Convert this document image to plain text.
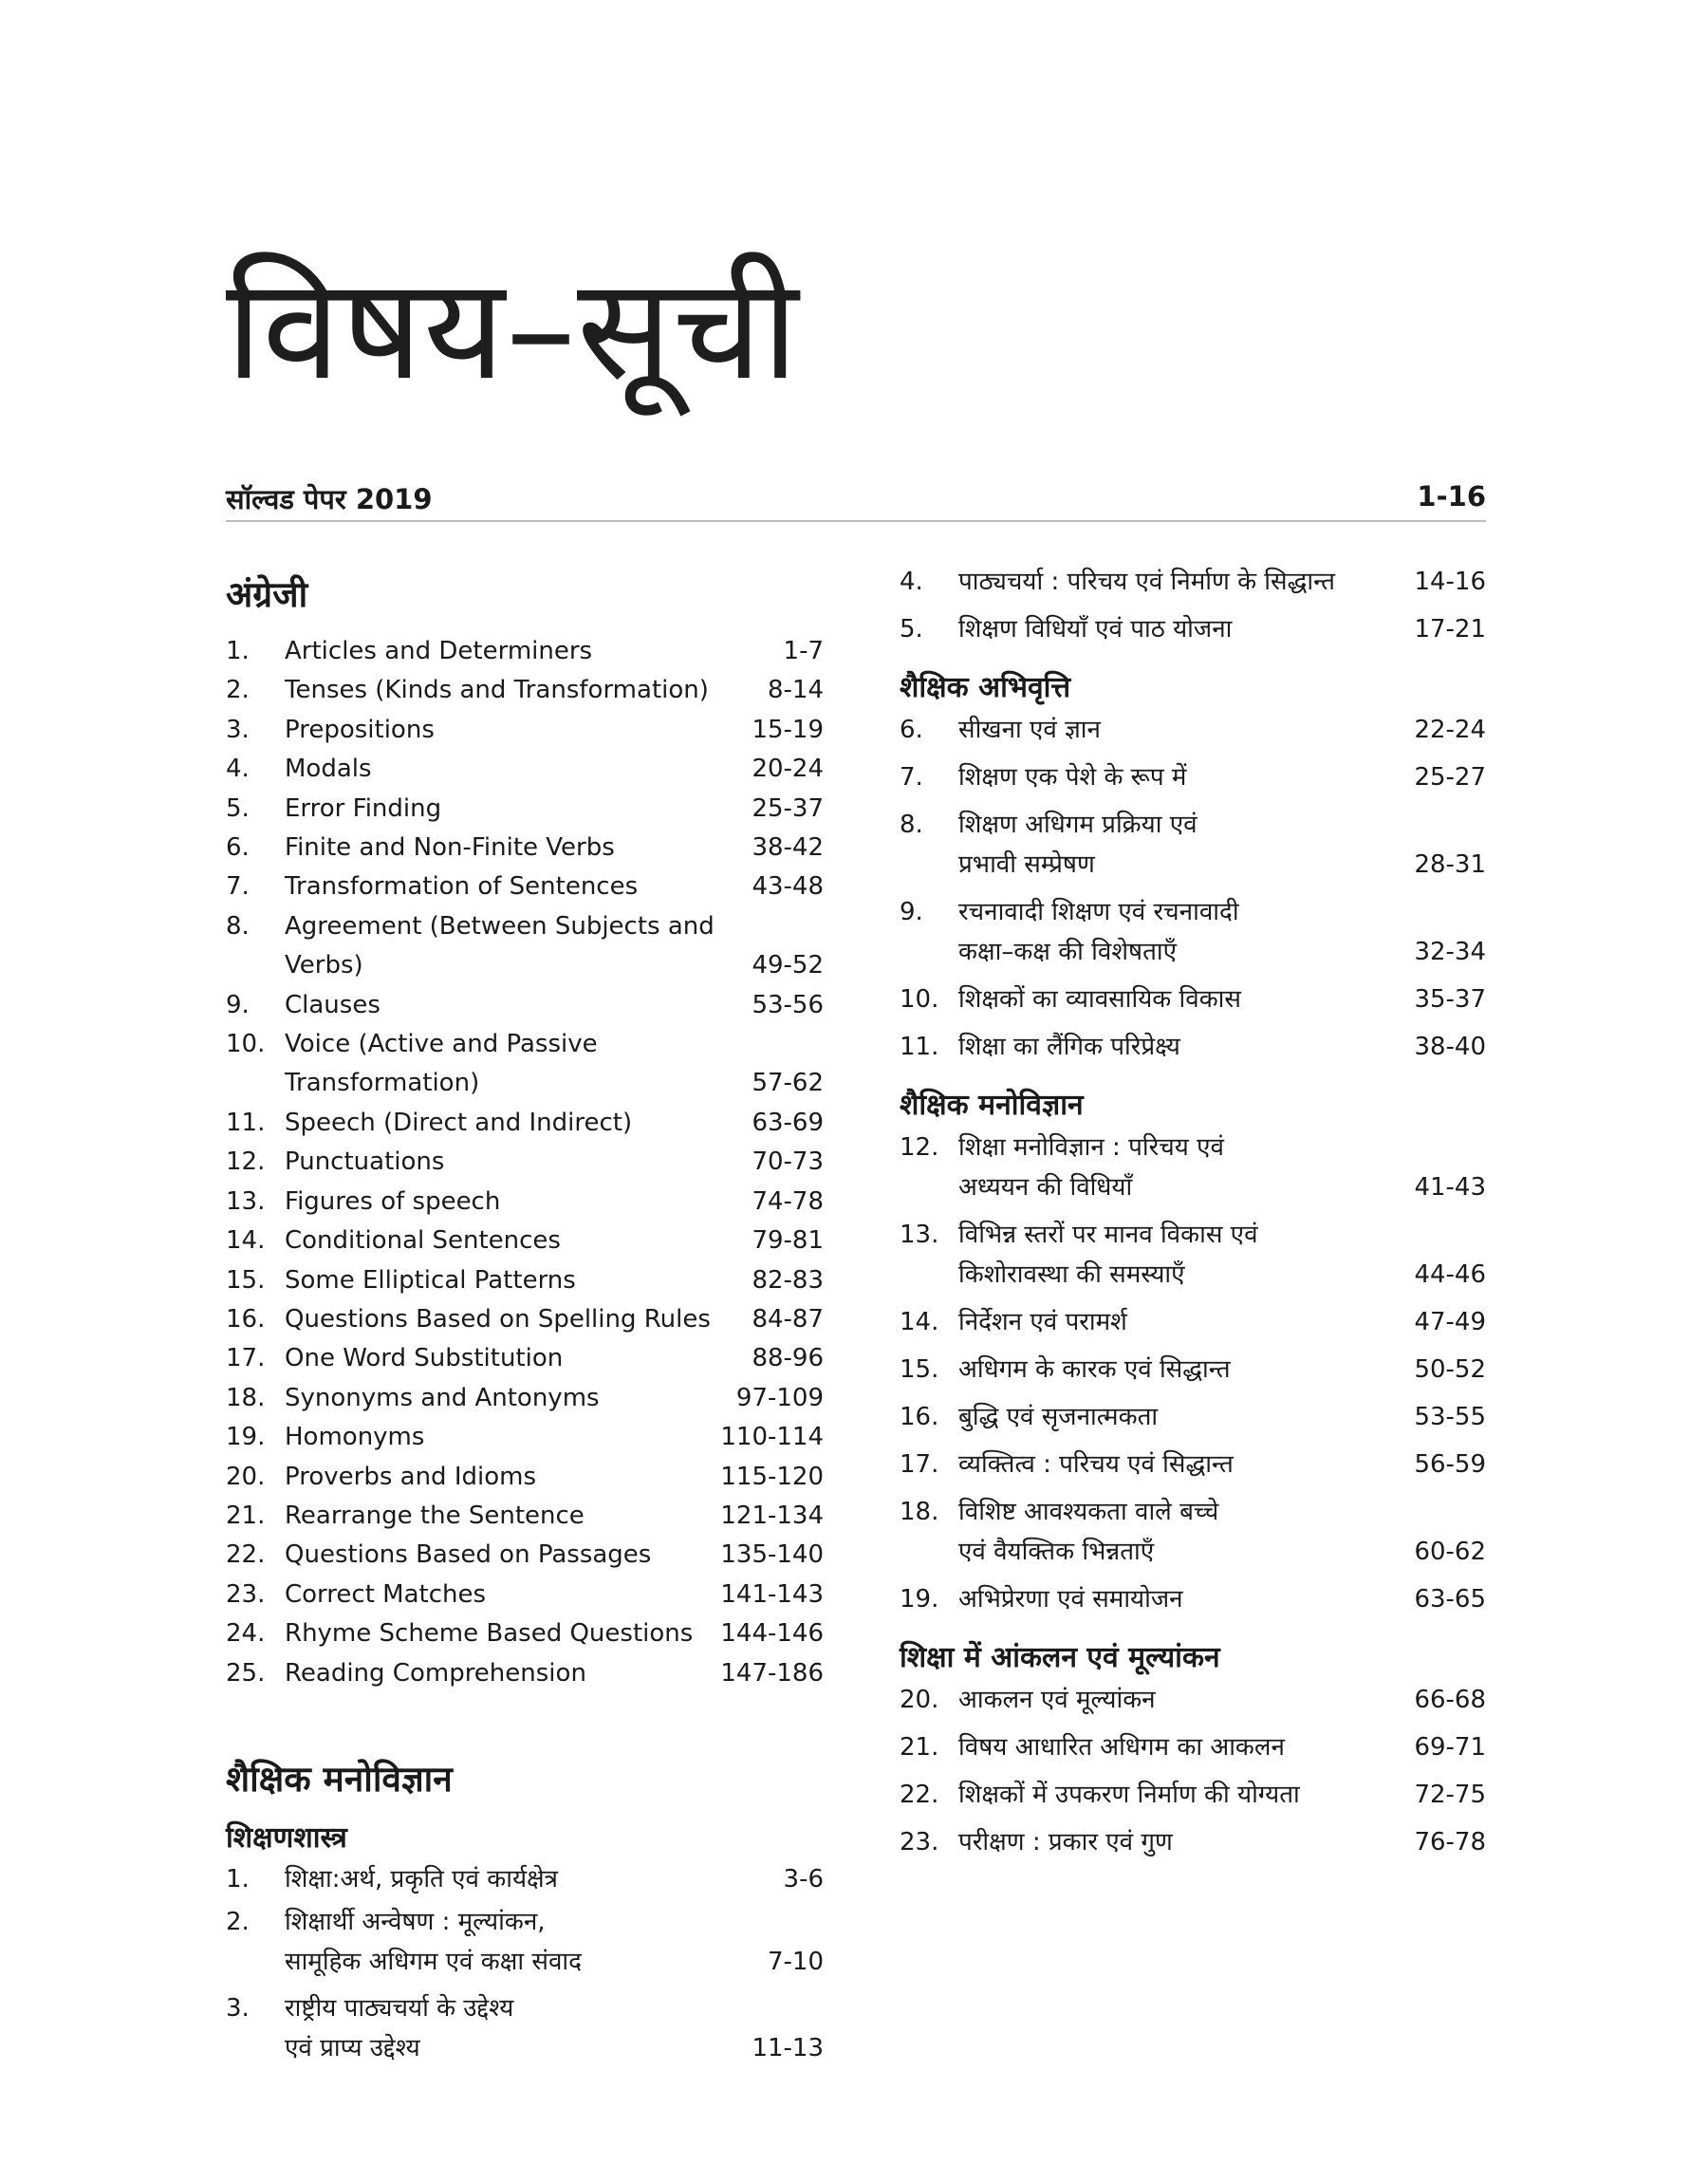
विषय–सूची
सॉल्वड पेपर 2019	1-16
अंग्रेजी
1.	Articles and Determiners	1-7
2.	Tenses (Kinds and Transformation)	8-14
3.	Prepositions	15-19
4.	Modals	20-24
5.	Error Finding	25-37
6.	Finite and Non-Finite Verbs	38-42
7.	Transformation of Sentences	43-48
8.	Agreement (Between Subjects and Verbs)	49-52
9.	Clauses	53-56
10. Voice (Active and Passive Transformation)	57-62
11. Speech (Direct and Indirect)	63-69
12. Punctuations	70-73
13. Figures of speech	74-78
14. Conditional Sentences	79-81
15. Some Elliptical Patterns	82-83
16. Questions Based on Spelling Rules	84-87
17. One Word Substitution	88-96
18. Synonyms and Antonyms	97-109
19. Homonyms	110-114
20. Proverbs and Idioms	115-120
21. Rearrange the Sentence	121-134
22. Questions Based on Passages	135-140
23. Correct Matches	141-143
24. Rhyme Scheme Based Questions	144-146
25. Reading Comprehension	147-186
शैक्षिक मनोविज्ञान
शिक्षणशास्त्र
1.	शिक्षा:अर्थ, प्रकृति एवं कार्यक्षेत्र	3-6
2.	शिक्षार्थी अन्वेषण : मूल्यांकन,
सामूहिक अधिगम एवं कक्षा संवाद	7-10
3.	राष्ट्रीय पाठ्यचर्या के उद्देश्य
एवं प्राप्य उद्देश्य	11-13
4.	पाठ्यचर्या : परिचय एवं निर्माण के सिद्धान्त	14-16
5.	शिक्षण विधियाँ एवं पाठ योजना	17-21
शैक्षिक अभिवृत्ति
6.	सीखना एवं ज्ञान	22-24
7.	शिक्षण एक पेशे के रूप में	25-27
8.	शिक्षण अधिगम प्रक्रिया एवं
प्रभावी सम्प्रेषण	28-31
9.	रचनावादी शिक्षण एवं रचनावादी
कक्षा–कक्ष की विशेषताएँ	32-34
10. शिक्षकों का व्यावसायिक विकास	35-37
11. शिक्षा का लैंगिक परिप्रेक्ष्य	38-40
शैक्षिक मनोविज्ञान
12. शिक्षा मनोविज्ञान : परिचय एवं
अध्ययन की विधियाँ	41-43
13. विभिन्न स्तरों पर मानव विकास एवं
किशोरावस्था की समस्याएँ	44-46
14. निर्देशन एवं परामर्श	47-49
15. अधिगम के कारक एवं सिद्धान्त	50-52
16. बुद्धि एवं सृजनात्मकता	53-55
17. व्यक्तित्व : परिचय एवं सिद्धान्त	56-59
18. विशिष्ट आवश्यकता वाले बच्चे
एवं वैयक्तिक भिन्नताएँ	60-62
19. अभिप्रेरणा एवं समायोजन	63-65
शिक्षा में आंकलन एवं मूल्यांकन
20. आकलन एवं मूल्यांकन	66-68
21. विषय आधारित अधिगम का आकलन	69-71
22. शिक्षकों में उपकरण निर्माण की योग्यता	72-75
23. परीक्षण : प्रकार एवं गुण	76-78
